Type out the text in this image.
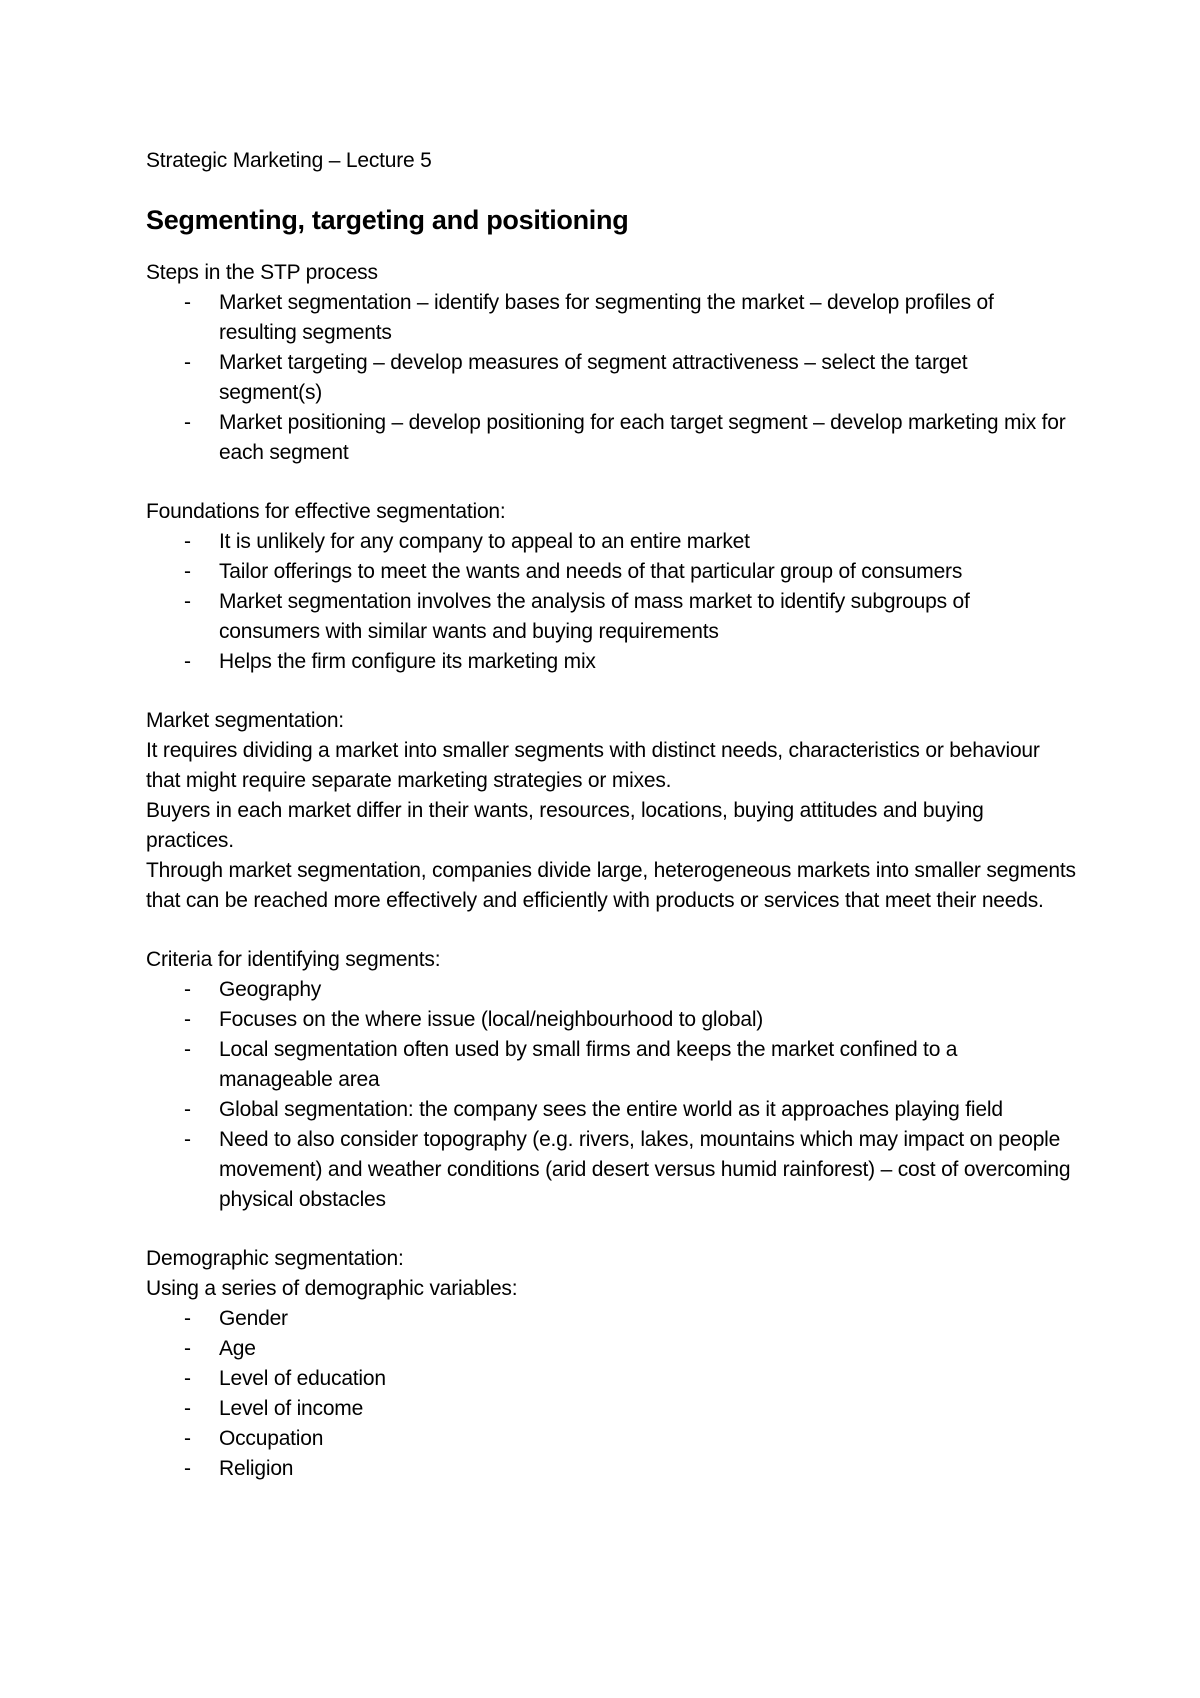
Strategic Marketing – Lecture 5

Segmenting, targeting and positioning

Steps in the STP process

- Market segmentation – identify bases for segmenting the market – develop profiles of resulting segments
- Market targeting – develop measures of segment attractiveness – select the target segment(s)
- Market positioning – develop positioning for each target segment – develop marketing mix for each segment

Foundations for effective segmentation:

- It is unlikely for any company to appeal to an entire market
- Tailor offerings to meet the wants and needs of that particular group of consumers
- Market segmentation involves the analysis of mass market to identify subgroups of consumers with similar wants and buying requirements
- Helps the firm configure its marketing mix

Market segmentation:

It requires dividing a market into smaller segments with distinct needs, characteristics or behaviour that might require separate marketing strategies or mixes.

Buyers in each market differ in their wants, resources, locations, buying attitudes and buying practices.

Through market segmentation, companies divide large, heterogeneous markets into smaller segments that can be reached more effectively and efficiently with products or services that meet their needs.

Criteria for identifying segments:

- Geography
- Focuses on the where issue (local/neighbourhood to global)
- Local segmentation often used by small firms and keeps the market confined to a manageable area
- Global segmentation: the company sees the entire world as it approaches playing field
- Need to also consider topography (e.g. rivers, lakes, mountains which may impact on people movement) and weather conditions (arid desert versus humid rainforest) – cost of overcoming physical obstacles

Demographic segmentation:

Using a series of demographic variables:

- Gender
- Age
- Level of education
- Level of income
- Occupation
- Religion
